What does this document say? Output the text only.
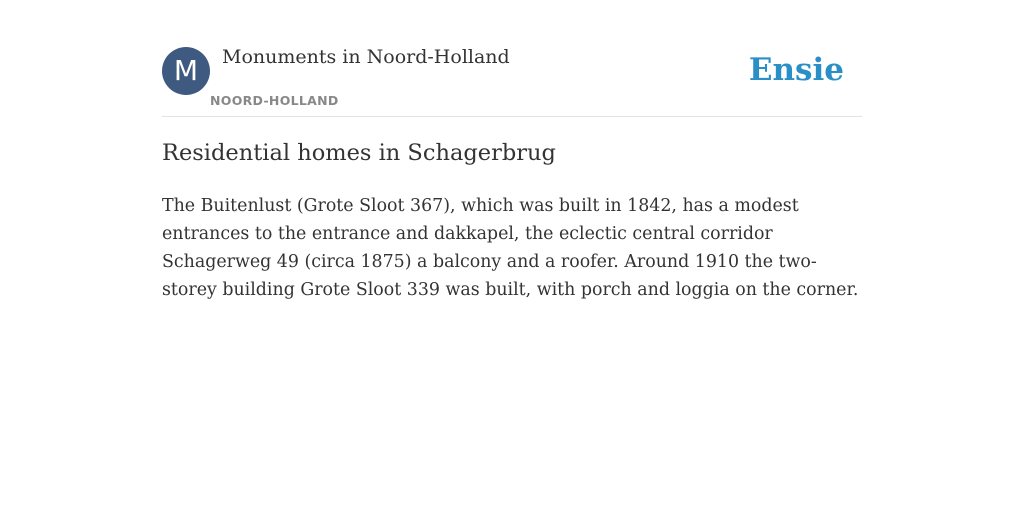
M	Monuments in Noord-Holland
NOORD-HOLLAND
Ensie
Residential homes in Schagerbrug

The Buitenlust (Grote Sloot 367), which was built in 1842, has a modest entrances to the entrance and dakkapel, the eclectic central corridor Schagerweg 49 (circa 1875) a balcony and a roofer. Around 1910 the two-storey building Grote Sloot 339 was built, with porch and loggia on the corner.
